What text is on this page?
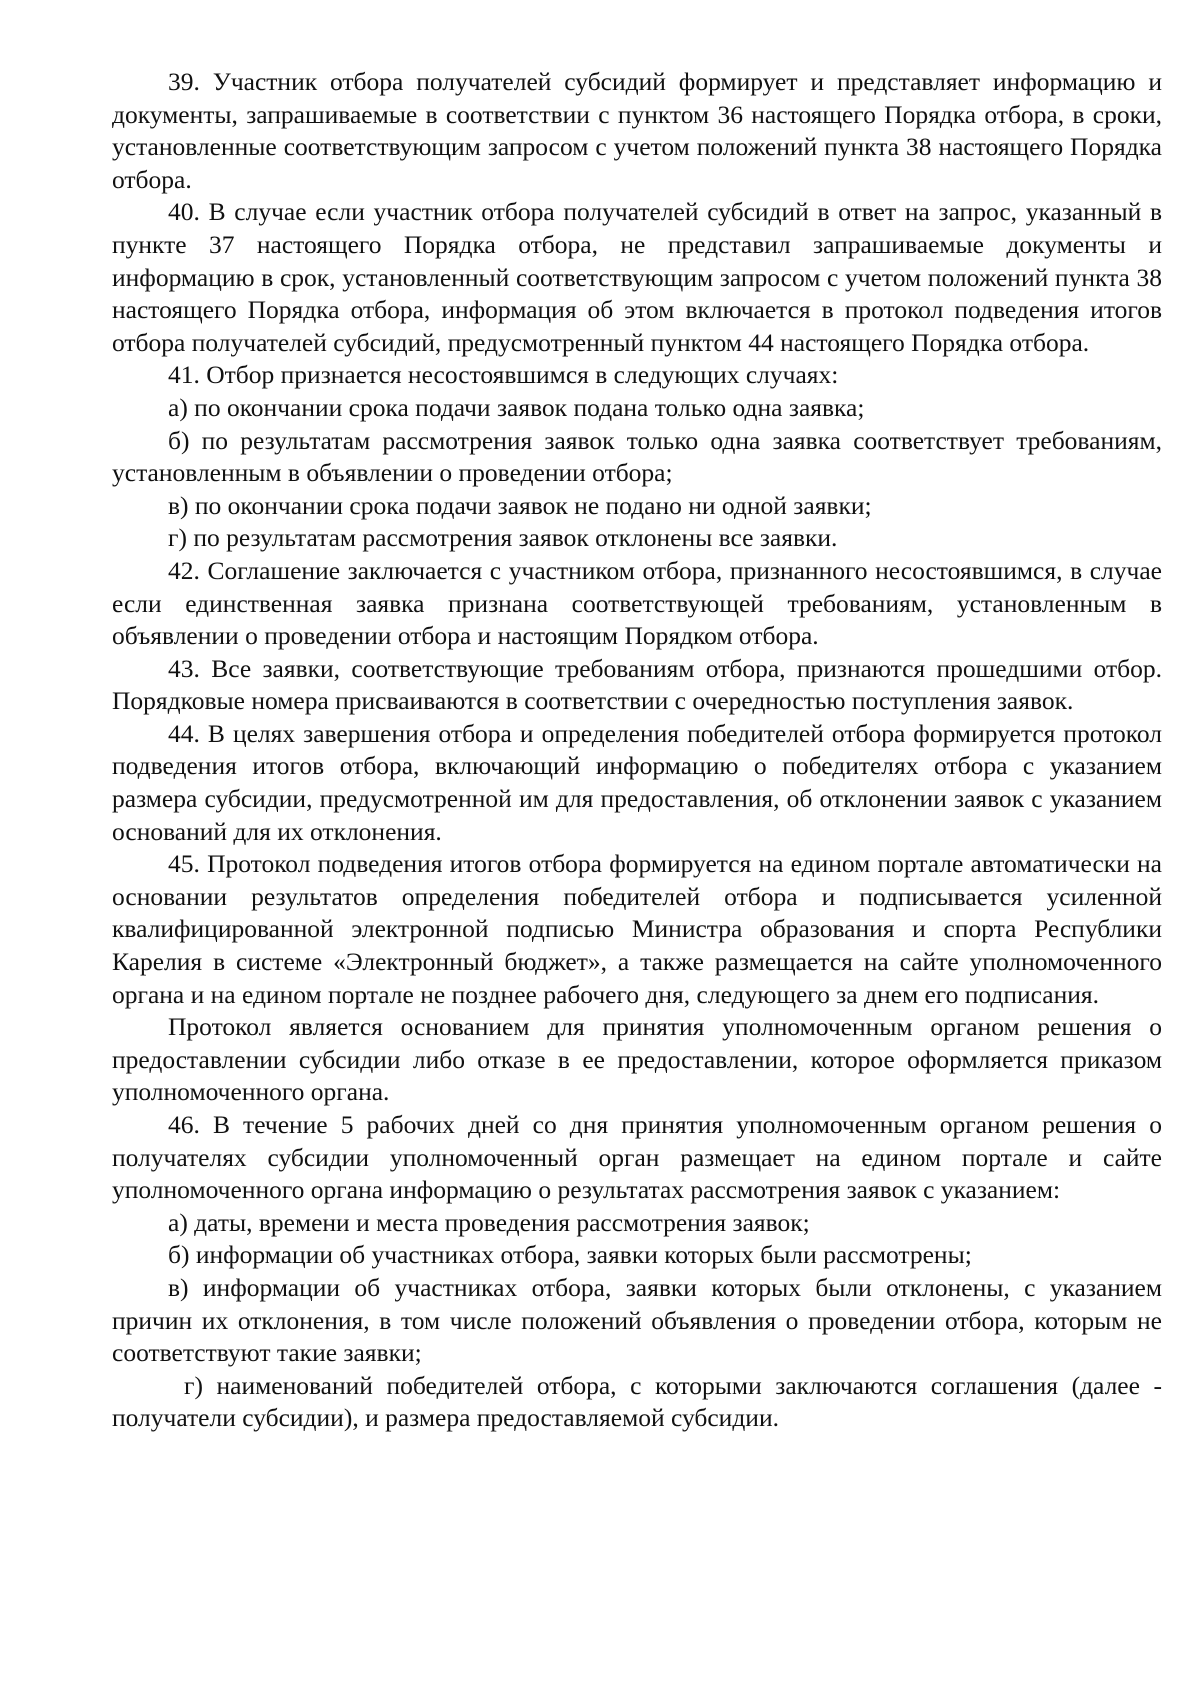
39. Участник отбора получателей субсидий формирует и представляет информацию и документы, запрашиваемые в соответствии с пунктом 36 настоящего Порядка отбора, в сроки, установленные соответствующим запросом с учетом положений пункта 38 настоящего Порядка отбора.

40. В случае если участник отбора получателей субсидий в ответ на запрос, указанный в пункте 37 настоящего Порядка отбора, не представил запрашиваемые документы и информацию в срок, установленный соответствующим запросом с учетом положений пункта 38 настоящего Порядка отбора, информация об этом включается в протокол подведения итогов отбора получателей субсидий, предусмотренный пунктом 44 настоящего Порядка отбора.

41. Отбор признается несостоявшимся в следующих случаях:

а) по окончании срока подачи заявок подана только одна заявка;

б) по результатам рассмотрения заявок только одна заявка соответствует требованиям, установленным в объявлении о проведении отбора;

в) по окончании срока подачи заявок не подано ни одной заявки;

г) по результатам рассмотрения заявок отклонены все заявки.

42. Соглашение заключается с участником отбора, признанного несостоявшимся, в случае если единственная заявка признана соответствующей требованиям, установленным в объявлении о проведении отбора и настоящим Порядком отбора.

43. Все заявки, соответствующие требованиям отбора, признаются прошедшими отбор. Порядковые номера присваиваются в соответствии с очередностью поступления заявок.

44. В целях завершения отбора и определения победителей отбора формируется протокол подведения итогов отбора, включающий информацию о победителях отбора с указанием размера субсидии, предусмотренной им для предоставления, об отклонении заявок с указанием оснований для их отклонения.

45. Протокол подведения итогов отбора формируется на едином портале автоматически на основании результатов определения победителей отбора и подписывается усиленной квалифицированной электронной подписью Министра образования и спорта Республики Карелия в системе «Электронный бюджет», а также размещается на сайте уполномоченного органа и на едином портале не позднее рабочего дня, следующего за днем его подписания.

Протокол является основанием для принятия уполномоченным органом решения о предоставлении субсидии либо отказе в ее предоставлении, которое оформляется приказом уполномоченного органа.

46. В течение 5 рабочих дней со дня принятия уполномоченным органом решения о получателях субсидии уполномоченный орган размещает на едином портале и сайте уполномоченного органа информацию о результатах рассмотрения заявок с указанием:

а) даты, времени и места проведения рассмотрения заявок;

б) информации об участниках отбора, заявки которых были рассмотрены;

в) информации об участниках отбора, заявки которых были отклонены, с указанием причин их отклонения, в том числе положений объявления о проведении отбора, которым не соответствуют такие заявки;

г) наименований победителей отбора, с которыми заключаются соглашения (далее - получатели субсидии), и размера предоставляемой субсидии.
